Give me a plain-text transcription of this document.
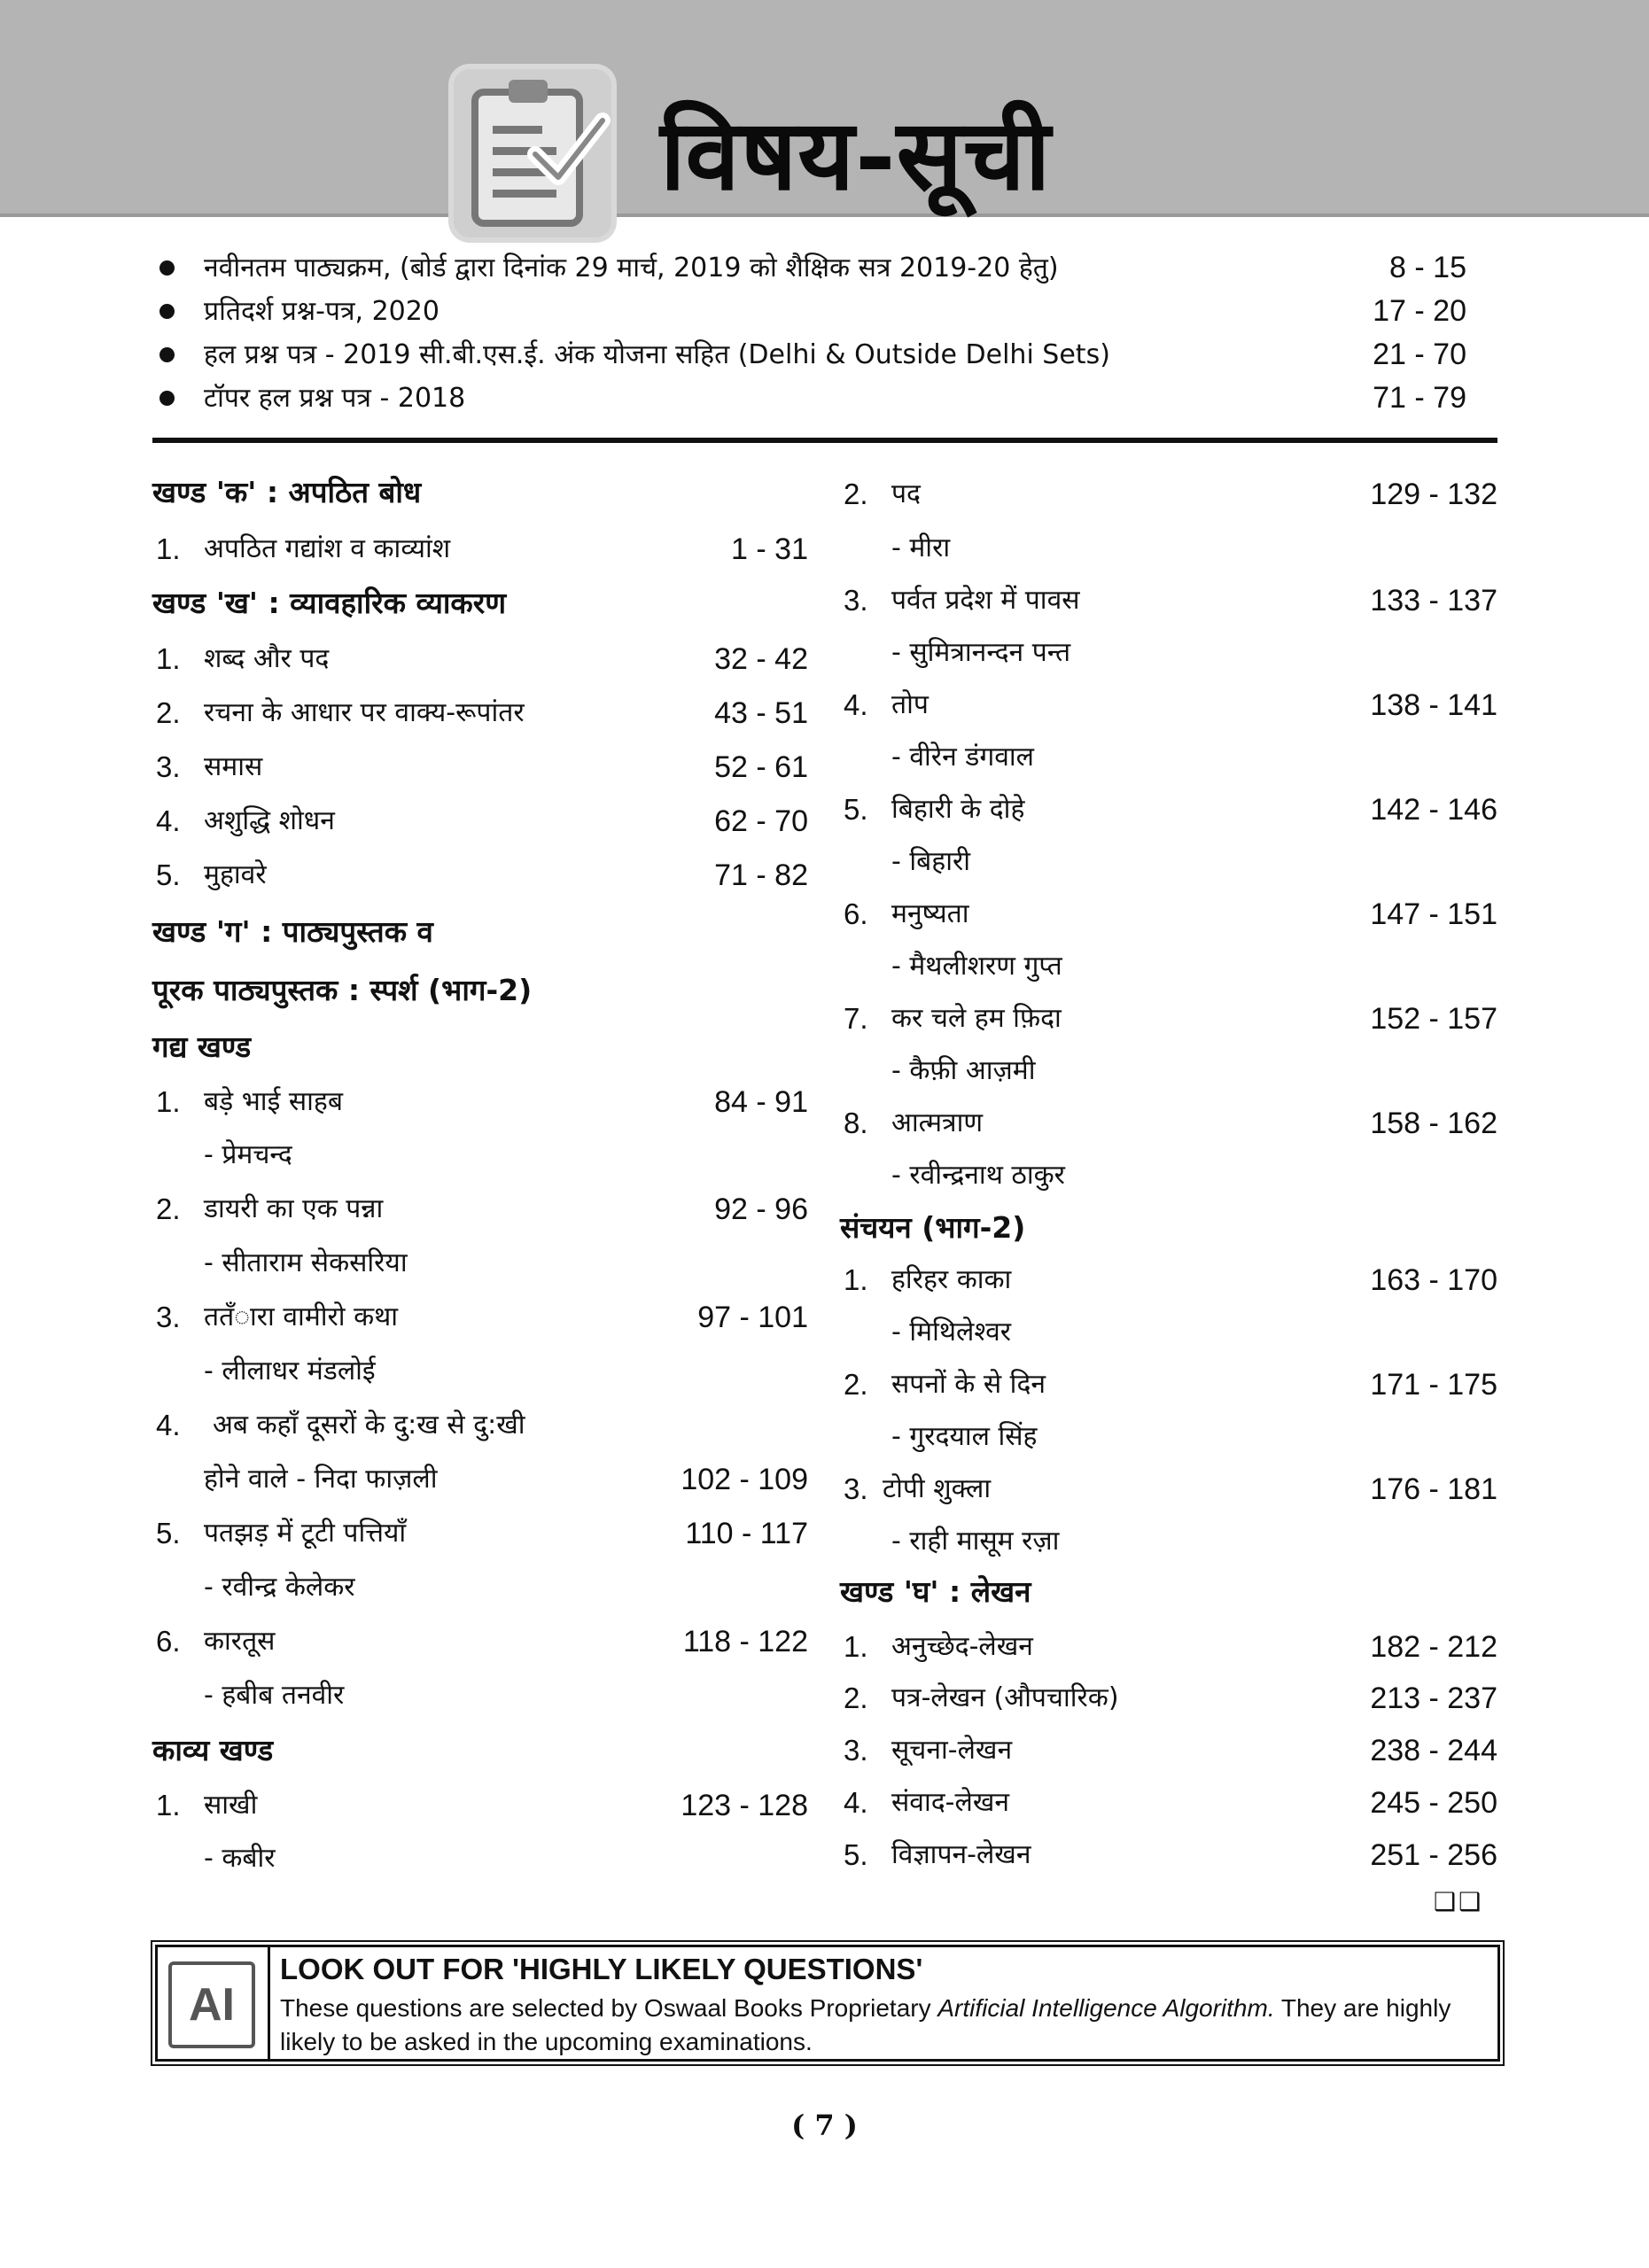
विषय-सूची
नवीनतम पाठ्यक्रम, (बोर्ड द्वारा दिनांक 29 मार्च, 2019 को शैक्षिक सत्र 2019-20 हेतु)	8 - 15
प्रतिदर्श प्रश्न-पत्र, 2020	17 - 20
हल प्रश्न पत्र - 2019 सी.बी.एस.ई. अंक योजना सहित (Delhi & Outside Delhi Sets)	21 - 70
टॉपर हल प्रश्न पत्र - 2018	71 - 79
खण्ड 'क' : अपठित बोध
1. अपठित गद्यांश व काव्यांश	1 - 31
खण्ड 'ख' : व्यावहारिक व्याकरण
1. शब्द और पद	32 - 42
2. रचना के आधार पर वाक्य-रूपांतर	43 - 51
3. समास	52 - 61
4. अशुद्धि शोधन	62 - 70
5. मुहावरे	71 - 82
खण्ड 'ग' : पाठ्यपुस्तक व
पूरक पाठ्यपुस्तक : स्पर्श (भाग-2)
गद्य खण्ड
1. बड़े भाई साहब	84 - 91
- प्रेमचन्द
2. डायरी का एक पन्ना	92 - 96
- सीताराम सेकसरिया
3. ततँारा वामीरो कथा	97 - 101
- लीलाधर मंडलोई
4. अब कहाँ दूसरों के दु:ख से दु:खी
होने वाले - निदा फाज़ली	102 - 109
5. पतझड़ में टूटी पत्तियाँ	110 - 117
- रवीन्द्र केलेकर
6. कारतूस	118 - 122
- हबीब तनवीर
काव्य खण्ड
1. साखी	123 - 128
- कबीर
2. पद	129 - 132
- मीरा
3. पर्वत प्रदेश में पावस	133 - 137
- सुमित्रानन्दन पन्त
4. तोप	138 - 141
- वीरेन डंगवाल
5. बिहारी के दोहे	142 - 146
- बिहारी
6. मनुष्यता	147 - 151
- मैथलीशरण गुप्त
7. कर चले हम फ़िदा	152 - 157
- कैफ़ी आज़मी
8. आत्मत्राण	158 - 162
- रवीन्द्रनाथ ठाकुर
संचयन (भाग-2)
1. हरिहर काका	163 - 170
- मिथिलेश्वर
2. सपनों के से दिन	171 - 175
- गुरदयाल सिंह
3. टोपी शुक्ला	176 - 181
- राही मासूम रज़ा
खण्ड 'घ' : लेखन
1. अनुच्छेद-लेखन	182 - 212
2. पत्र-लेखन (औपचारिक)	213 - 237
3. सूचना-लेखन	238 - 244
4. संवाद-लेखन	245 - 250
5. विज्ञापन-लेखन	251 - 256
❑❑
AI
LOOK OUT FOR 'HIGHLY LIKELY QUESTIONS'
These questions are selected by Oswaal Books Proprietary Artificial Intelligence Algorithm. They are highly likely to be asked in the upcoming examinations.
( 7 )
